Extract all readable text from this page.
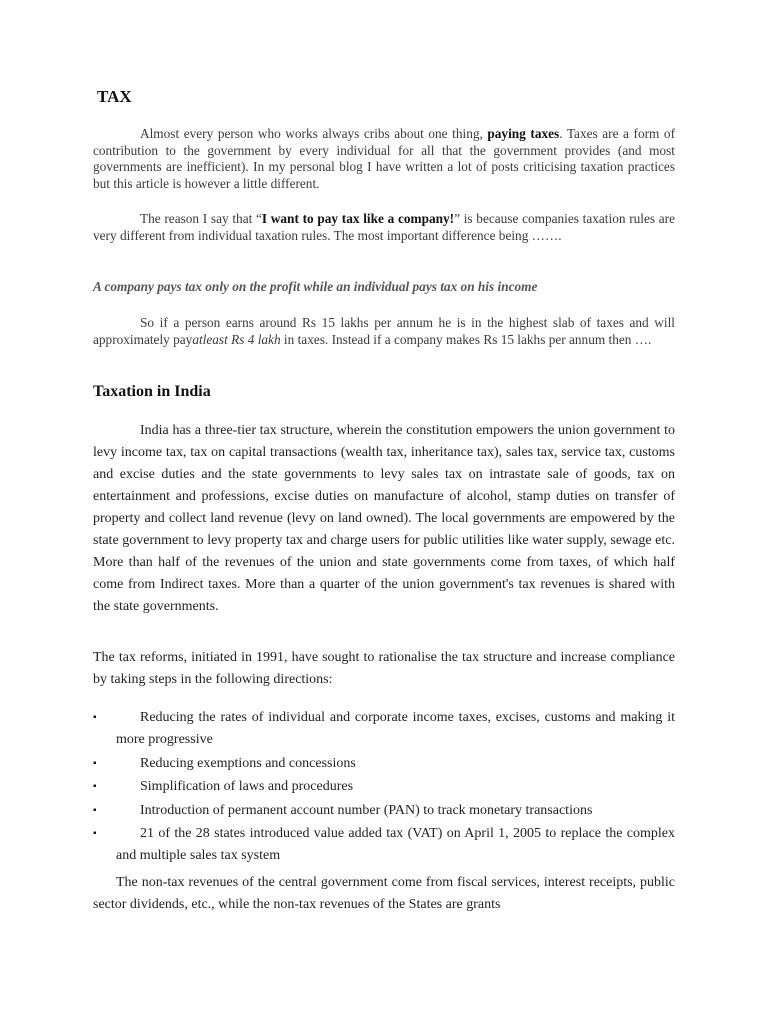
TAX

Almost every person who works always cribs about one thing, paying taxes. Taxes are a form of contribution to the government by every individual for all that the government provides (and most governments are inefficient). In my personal blog I have written a lot of posts criticising taxation practices but this article is however a little different.

The reason I say that “I want to pay tax like a company!” is because companies taxation rules are very different from individual taxation rules. The most important difference being …….

A company pays tax only on the profit while an individual pays tax on his income

So if a person earns around Rs 15 lakhs per annum he is in the highest slab of taxes and will approximately payatleast Rs 4 lakh in taxes. Instead if a company makes Rs 15 lakhs per annum then ….

Taxation in India

India has a three-tier tax structure, wherein the constitution empowers the union government to levy income tax, tax on capital transactions (wealth tax, inheritance tax), sales tax, service tax, customs and excise duties and the state governments to levy sales tax on intrastate sale of goods, tax on entertainment and professions, excise duties on manufacture of alcohol, stamp duties on transfer of property and collect land revenue (levy on land owned). The local governments are empowered by the state government to levy property tax and charge users for public utilities like water supply, sewage etc. More than half of the revenues of the union and state governments come from taxes, of which half come from Indirect taxes. More than a quarter of the union government's tax revenues is shared with the state governments.

The tax reforms, initiated in 1991, have sought to rationalise the tax structure and increase compliance by taking steps in the following directions:

▪	Reducing the rates of individual and corporate income taxes, excises, customs and making it more progressive
▪	Reducing exemptions and concessions
▪	Simplification of laws and procedures
▪	Introduction of permanent account number (PAN) to track monetary transactions
▪	21 of the 28 states introduced value added tax (VAT) on April 1, 2005 to replace the complex and multiple sales tax system

The non-tax revenues of the central government come from fiscal services, interest receipts, public sector dividends, etc., while the non-tax revenues of the States are grants
